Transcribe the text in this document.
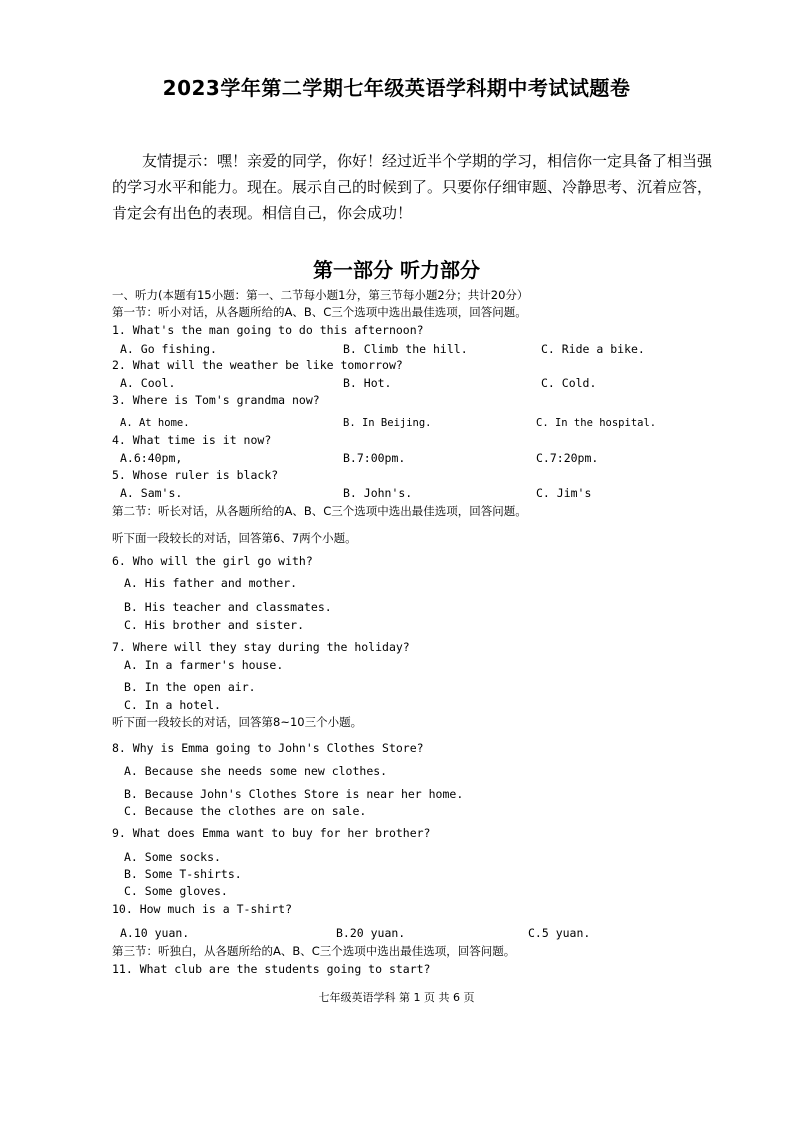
2023学年第二学期七年级英语学科期中考试试题卷
友情提示：嘿！亲爱的同学，你好！经过近半个学期的学习，相信你一定具备了相当强的学习水平和能力。现在。展示自己的时候到了。只要你仔细审题、冷静思考、沉着应答，肯定会有出色的表现。相信自己，你会成功！
第一部分 听力部分
一、听力(本题有15小题：第一、二节每小题1分，第三节每小题2分；共计20分）
第一节：听小对话，从各题所给的A、B、C三个选项中选出最佳选项，回答问题。
1. What's the man going to do this afternoon?
A. Go fishing.	B. Climb the hill.	C. Ride a bike.
2. What will the weather be like tomorrow?
A. Cool.	B. Hot.	C. Cold.
3. Where is Tom's grandma now?
A. At home.	B. In Beijing.	C. In the hospital.
4. What time is it now?
A.6:40pm,	B.7:00pm.	C.7:20pm.
5. Whose ruler is black?
A. Sam's.	B. John's.	C. Jim's
第二节：听长对话，从各题所给的A、B、C三个选项中选出最佳选项，回答问题。
听下面一段较长的对话，回答第6、7两个小题。
6. Who will the girl go with?
A. His father and mother.
B. His teacher and classmates.
C. His brother and sister.
7. Where will they stay during the holiday?
A. In a farmer's house.
B. In the open air.
C. In a hotel.
听下面一段较长的对话，回答第8~10三个小题。
8. Why is Emma going to John's Clothes Store?
A. Because she needs some new clothes.
B. Because John's Clothes Store is near her home.
C. Because the clothes are on sale.
9. What does Emma want to buy for her brother?
A. Some socks.
B. Some T-shirts.
C. Some gloves.
10. How much is a T-shirt?
A.10 yuan.	B.20 yuan.	C.5 yuan.
第三节：听独白，从各题所给的A、B、C三个选项中选出最佳选项，回答问题。
11. What club are the students going to start?
七年级英语学科 第 1 页 共 6 页
